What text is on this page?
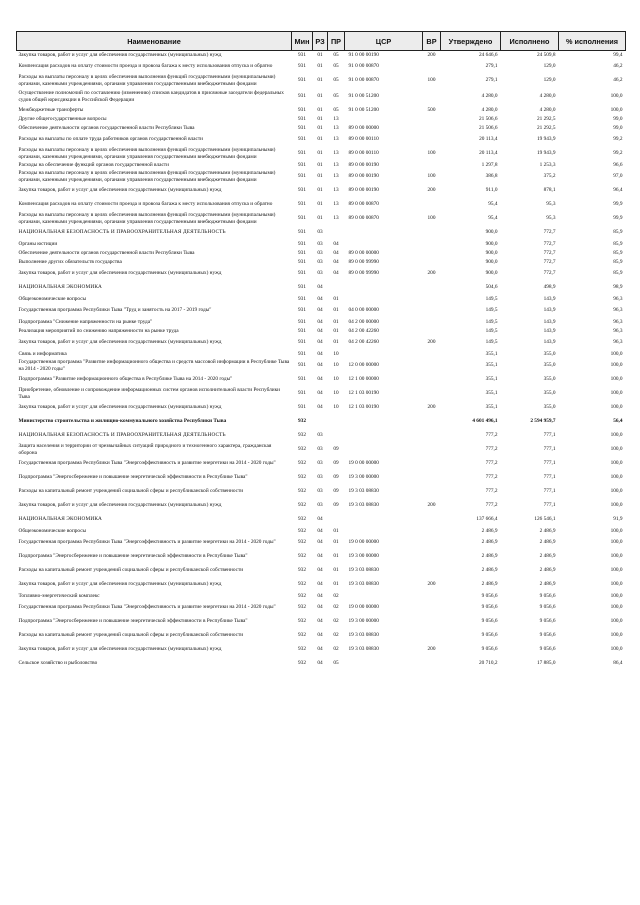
Наименование	Мин	РЗ	ПР	ЦСР	ВР	Утверждено	Исполнено	% исполнения
Закупка товаров, работ и услуг для обеспечения государственных (муниципальных) нужд	931	01	05	91 0 00 00190	200	24 646,6	24 509,8	99,4
Компенсация расходов на оплату стоимости проезда и провоза багажа к месту использования отпуска и обратно	931	01	05	91 0 00 00870		279,1	129,0	46,2
Расходы на выплаты персоналу в целях обеспечения выполнения функций государственными (муниципальными) органами, казенными учреждениями, органами управления государственными внебюджетными фондами	931	01	05	91 0 00 00870	100	279,1	129,0	46,2
Осуществление полномочий по составлению (изменению) списков кандидатов в присяжные заседатели федеральных судов общей юрисдикции в Российской Федерации	931	01	05	91 0 00 51200		4 280,0	4 280,0	100,0
Межбюджетные трансферты	931	01	05	91 0 00 51200	500	4 280,0	4 280,0	100,0
Другие общегосударственные вопросы	931	01	13			21 506,6	21 292,5	99,0
Обеспечение деятельности органов государственной власти Республики Тыва	931	01	13	89 0 00 00000		21 506,6	21 292,5	99,0
Расходы на выплаты по оплате труда работников органов государственной власти	931	01	13	89 0 00 00110		20 113,4	19 943,9	99,2
Расходы на выплаты персоналу в целях обеспечения выполнения функций государственными (муниципальными) органами, казенными учреждениями, органами управления государственными внебюджетными фондами	931	01	13	89 0 00 00110	100	20 113,4	19 943,9	99,2
Расходы на обеспечение функций органов государственной власти	931	01	13	89 0 00 00190		1 297,8	1 253,3	96,6
Расходы на выплаты персоналу в целях обеспечения выполнения функций государственными (муниципальными) органами, казенными учреждениями, органами управления государственными внебюджетными фондами	931	01	13	89 0 00 00190	100	386,8	375,2	97,0
Закупка товаров, работ и услуг для обеспечения государственных (муниципальных) нужд	931	01	13	89 0 00 00190	200	911,0	878,1	96,4
Компенсация расходов на оплату стоимости проезда и провоза багажа к месту использования отпуска и обратно	931	01	13	89 0 00 00870		95,4	95,3	99,9
Расходы на выплаты персоналу в целях обеспечения выполнения функций государственными (муниципальными) органами, казенными учреждениями, органами управления государственными внебюджетными фондами	931	01	13	89 0 00 00870	100	95,4	95,3	99,9
НАЦИОНАЛЬНАЯ БЕЗОПАСНОСТЬ И ПРАВООХРАНИТЕЛЬНАЯ ДЕЯТЕЛЬНОСТЬ	931	03				900,0	772,7	85,9
Органы юстиции	931	03	04			900,0	772,7	85,9
Обеспечение деятельности органов государственной власти Республики Тыва	931	03	04	89 0 00 00000		900,0	772,7	85,9
Выполнение других обязательств государства	931	03	04	89 0 00 99990		900,0	772,7	85,9
Закупка товаров, работ и услуг для обеспечения государственных (муниципальных) нужд	931	03	04	89 0 00 99990	200	900,0	772,7	85,9
НАЦИОНАЛЬНАЯ ЭКОНОМИКА	931	04				504,6	498,9	98,9
Общеэкономические вопросы	931	04	01			149,5	143,9	96,3
Государственная программа Республики Тыва "Труд и занятость на 2017 - 2019 годы"	931	04	01	04 0 00 00000		149,5	143,9	96,3
Подпрограмма "Снижение напряженности на рынке труда"	931	04	01	04 2 00 00000		149,5	143,9	96,3
Реализация мероприятий по снижению напряженности на рынке труда	931	04	01	04 2 00 42260		149,5	143,9	96,3
Закупка товаров, работ и услуг для обеспечения государственных (муниципальных) нужд	931	04	01	04 2 00 42260	200	149,5	143,9	96,3
Связь и информатика	931	04	10			355,1	355,0	100,0
Государственная программа "Развитие информационного общества и средств массовой информации в Республике Тыва на 2014 - 2020 годы"	931	04	10	12 0 00 00000		355,1	355,0	100,0
Подпрограмма "Развитие информационного общества в Республике Тыва на 2014 - 2020 годы"	931	04	10	12 1 00 00000		355,1	355,0	100,0
Приобретение, обновление и сопровождение информационных систем органов исполнительной власти Республики Тыва	931	04	10	12 1 03 00190		355,1	355,0	100,0
Закупка товаров, работ и услуг для обеспечения государственных (муниципальных) нужд	931	04	10	12 1 03 00190	200	355,1	355,0	100,0
Министерство строительства и жилищно-коммунального хозяйства Республики Тыва	932					4 601 496,1	2 594 959,7	56,4
НАЦИОНАЛЬНАЯ БЕЗОПАСНОСТЬ И ПРАВООХРАНИТЕЛЬНАЯ ДЕЯТЕЛЬНОСТЬ	932	03				777,2	777,1	100,0
Защита населения и территории от чрезвычайных ситуаций природного и техногенного характера, гражданская оборона	932	03	09			777,2	777,1	100,0
Государственная программа Республики Тыва "Энергоэффективность и развитие энергетики на 2014 - 2020 годы"	932	03	09	19 0 00 00000		777,2	777,1	100,0
Подпрограмма "Энергосбережение и повышение энергетической эффективности в Республике Тыва"	932	03	09	19 3 00 00000		777,2	777,1	100,0
Расходы на капитальный ремонт учреждений социальной сферы и республиканской собственности	932	03	09	19 3 03 08830		777,2	777,1	100,0
Закупка товаров, работ и услуг для обеспечения государственных (муниципальных) нужд	932	03	09	19 3 03 08830	200	777,2	777,1	100,0
НАЦИОНАЛЬНАЯ ЭКОНОМИКА	932	04				137 666,4	126 546,1	91,9
Общеэкономические вопросы	932	04	01			2 486,9	2 486,9	100,0
Государственная программа Республики Тыва "Энергоэффективность и развитие энергетики на 2014 - 2020 годы"	932	04	01	19 0 00 00000		2 486,9	2 486,9	100,0
Подпрограмма "Энергосбережение и повышение энергетической эффективности в Республике Тыва"	932	04	01	19 3 00 00000		2 486,9	2 486,9	100,0
Расходы на капитальный ремонт учреждений социальной сферы и республиканской собственности	932	04	01	19 3 03 08830		2 486,9	2 486,9	100,0
Закупка товаров, работ и услуг для обеспечения государственных (муниципальных) нужд	932	04	01	19 3 03 08830	200	2 486,9	2 486,9	100,0
Топливно-энергетический комплекс	932	04	02			9 056,6	9 056,6	100,0
Государственная программа Республики Тыва "Энергоэффективность и развитие энергетики на 2014 - 2020 годы"	932	04	02	19 0 00 00000		9 056,6	9 056,6	100,0
Подпрограмма "Энергосбережение и повышение энергетической эффективности в Республике Тыва"	932	04	02	19 3 00 00000		9 056,6	9 056,6	100,0
Расходы на капитальный ремонт учреждений социальной сферы и республиканской собственности	932	04	02	19 3 03 08830		9 056,6	9 056,6	100,0
Закупка товаров, работ и услуг для обеспечения государственных (муниципальных) нужд	932	04	02	19 3 03 08830	200	9 056,6	9 056,6	100,0
Сельское хозяйство и рыболовство	932	04	05			20 710,2	17 885,0	86,4
